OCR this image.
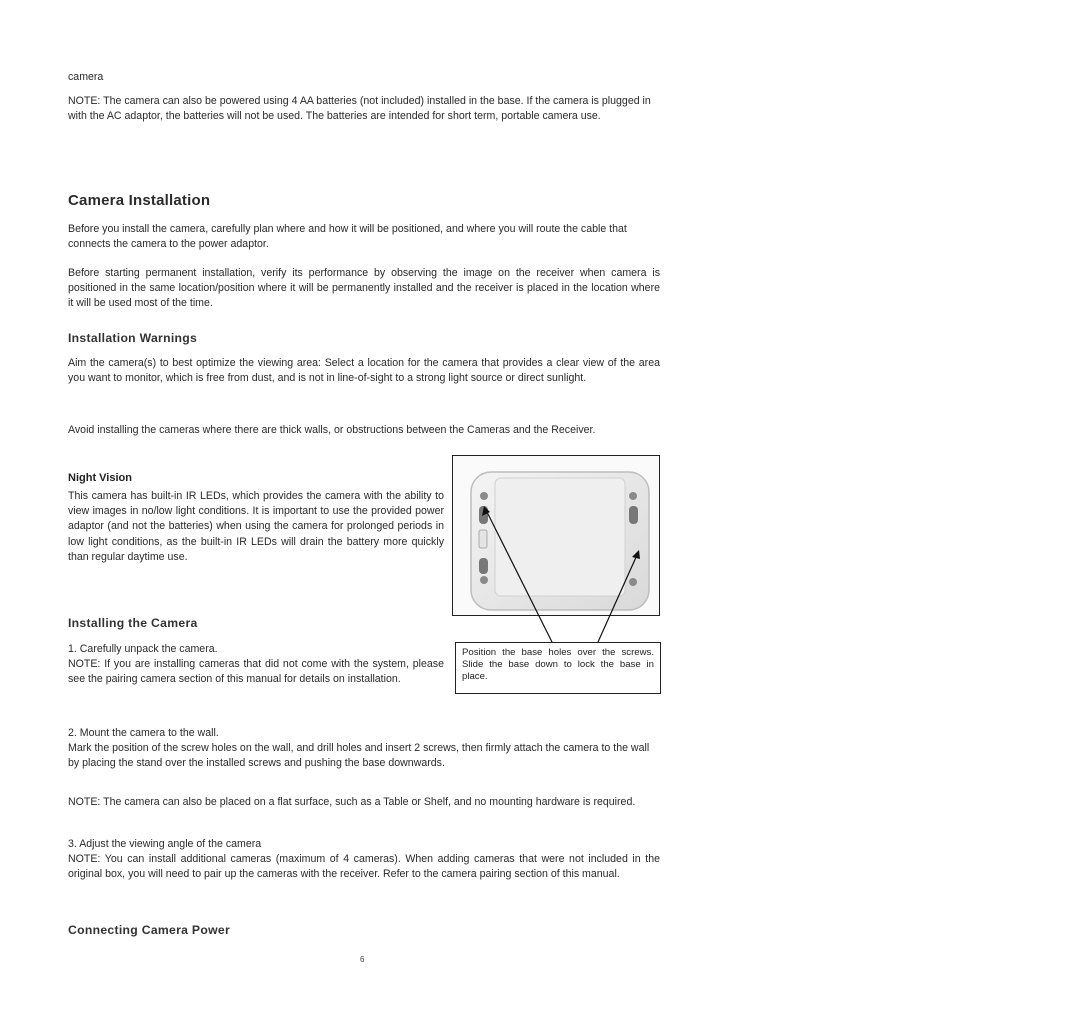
camera

NOTE: The camera can also be powered using 4 AA batteries (not included) installed in the base. If the camera is plugged in with the AC adaptor, the batteries will not be used. The batteries are intended for short term, portable camera use.

Camera Installation

Before you install the camera, carefully plan where and how it will be positioned, and where you will route the cable that connects the camera to the power adaptor.

Before starting permanent installation, verify its performance by observing the image on the receiver when camera is positioned in the same location/position where it will be permanently installed and the receiver is placed in the location where it will be used most of the time.

Installation Warnings

Aim the camera(s) to best optimize the viewing area: Select a location for the camera that provides a clear view of the area you want to monitor, which is free from dust, and is not in line-of-sight to a strong light source or direct sunlight.

Avoid installing the cameras where there are thick walls, or obstructions between the Cameras and the Receiver.

Night Vision

This camera has built-in IR LEDs, which provides the camera with the ability to view images in no/low light conditions. It is important to use the provided power adaptor (and not the batteries) when using the camera for prolonged periods in low light conditions, as the built-in IR LEDs will drain the battery more quickly than regular daytime use.

Installing the Camera

1. Carefully unpack the camera.

NOTE: If you are installing cameras that did not come with the system, please see the pairing camera section of this manual for details on installation.

2. Mount the camera to the wall.

Mark the position of the screw holes on the wall, and drill holes and insert 2 screws, then firmly attach the camera to the wall by placing the stand over the installed screws and pushing the base downwards.

NOTE: The camera can also be placed on a flat surface, such as a Table or Shelf, and no mounting hardware is required.

3. Adjust the viewing angle of the camera

NOTE: You can install additional cameras (maximum of 4 cameras). When adding cameras that were not included in the original box, you will need to pair up the cameras with the receiver. Refer to the camera pairing section of this manual.

Connecting Camera Power
Position the base holes over the screws. Slide the base down to lock the base in place.
6
